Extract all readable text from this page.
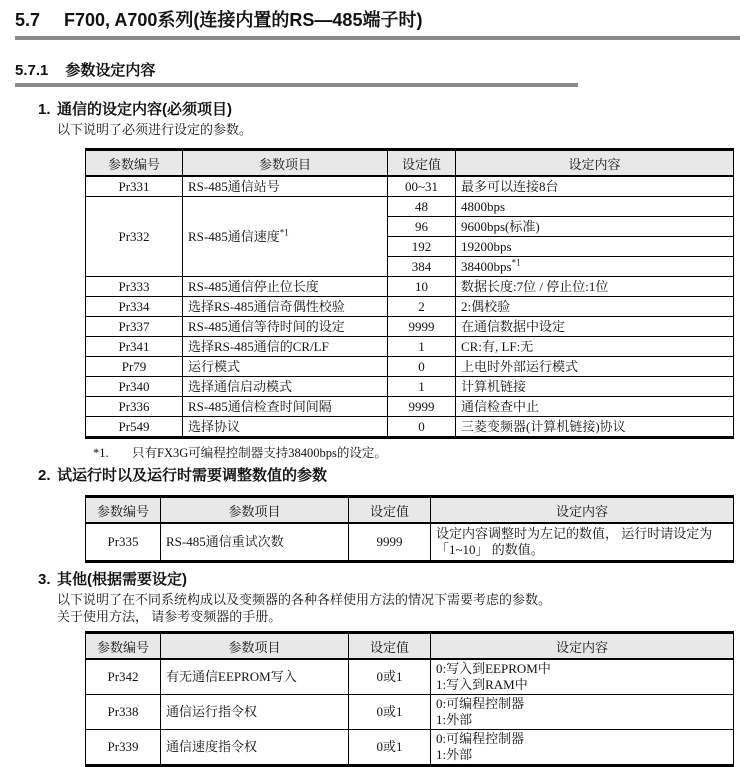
5.7 F700, A700系列(连接内置的RS—485端子时)
5.7.1 参数设定内容
1. 通信的设定内容(必须项目)
以下说明了必须进行设定的参数。
参数编号	参数项目	设定值	设定内容
Pr331	RS-485通信站号	00~31	最多可以连接8台
Pr332	RS-485通信速度$^{*1}$	48	4800bps
		96	9600bps(标准)
		192	19200bps
		384	38400bps$^{*1}$
Pr333	RS-485通信停止位长度	10	数据长度:7位 / 停止位:1位
Pr334	选择RS-485通信奇偶性校验	2	2:偶校验
Pr337	RS-485通信等待时间的设定	9999	在通信数据中设定
Pr341	选择RS-485通信的CR/LF	1	CR:有, LF:无
Pr79	运行模式	0	上电时外部运行模式
Pr340	选择通信启动模式	1	计算机链接
Pr336	RS-485通信检查时间间隔	9999	通信检查中止
Pr549	选择协议	0	三菱变频器(计算机链接)协议
*1. 只有FX3G可编程控制器支持38400bps的设定。
2. 试运行时以及运行时需要调整数值的参数
参数编号	参数项目	设定值	设定内容
Pr335	RS-485通信重试次数	9999	设定内容调整时为左记的数值， 运行时请设定为 「1~10」 的数值。
3. 其他(根据需要设定)
以下说明了在不同系统构成以及变频器的各种各样使用方法的情况下需要考虑的参数。
关于使用方法， 请参考变频器的手册。
参数编号	参数项目	设定值	设定内容
Pr342	有无通信EEPROM写入	0或1	0:写入到EEPROM中
1:写入到RAM中

Pr338	通信运行指令权	0或1	0:可编程控制器
1:外部

Pr339	通信速度指令权	0或1	0:可编程控制器
1:外部
